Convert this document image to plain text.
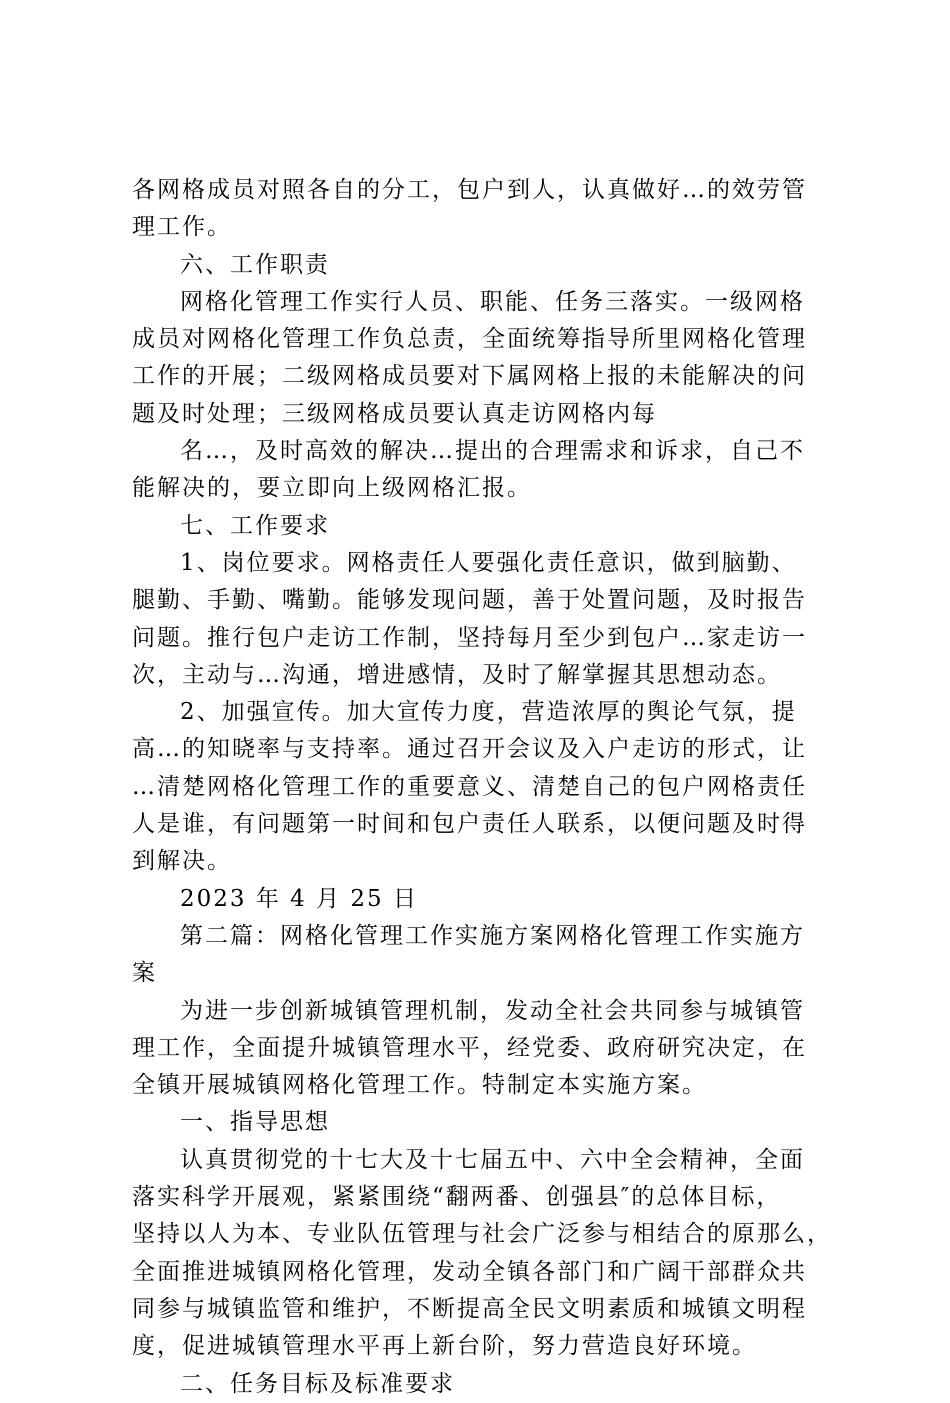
各网格成员对照各自的分工，包户到人，认真做好…的效劳管
理工作。
六、工作职责
网格化管理工作实行人员、职能、任务三落实。一级网格
成员对网格化管理工作负总责，全面统筹指导所里网格化管理
工作的开展；二级网格成员要对下属网格上报的未能解决的问
题及时处理；三级网格成员要认真走访网格内每
名…，及时高效的解决…提出的合理需求和诉求，自己不
能解决的，要立即向上级网格汇报。
七、工作要求
1、岗位要求。网格责任人要强化责任意识，做到脑勤、
腿勤、手勤、嘴勤。能够发现问题，善于处置问题，及时报告
问题。推行包户走访工作制，坚持每月至少到包户…家走访一
次，主动与…沟通，增进感情，及时了解掌握其思想动态。
2、加强宣传。加大宣传力度，营造浓厚的舆论气氛，提
高…的知晓率与支持率。通过召开会议及入户走访的形式，让
…清楚网格化管理工作的重要意义、清楚自己的包户网格责任
人是谁，有问题第一时间和包户责任人联系，以便问题及时得
到解决。
2023 年 4 月 25 日
第二篇：网格化管理工作实施方案网格化管理工作实施方
案
为进一步创新城镇管理机制，发动全社会共同参与城镇管
理工作，全面提升城镇管理水平，经党委、政府研究决定，在
全镇开展城镇网格化管理工作。特制定本实施方案。
一、指导思想
认真贯彻党的十七大及十七届五中、六中全会精神，全面
落实科学开展观，紧紧围绕“翻两番、创强县″的总体目标，
坚持以人为本、专业队伍管理与社会广泛参与相结合的原那么，
全面推进城镇网格化管理，发动全镇各部门和广阔干部群众共
同参与城镇监管和维护，不断提高全民文明素质和城镇文明程
度，促进城镇管理水平再上新台阶，努力营造良好环境。
二、任务目标及标准要求
